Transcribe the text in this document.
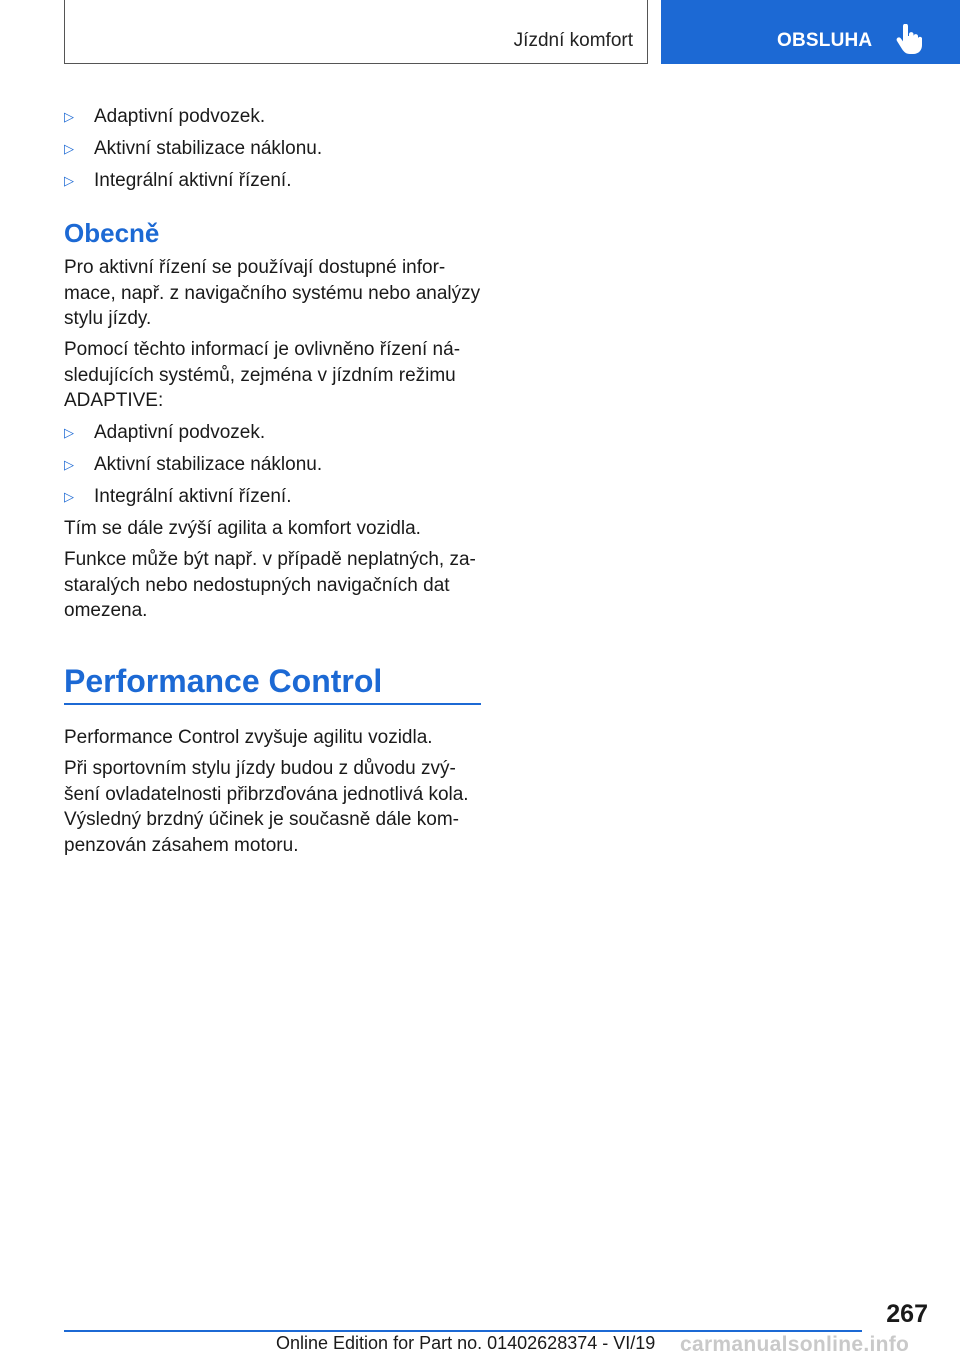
Jízdní komfort	OBSLUHA
▷ Adaptivní podvozek.
▷ Aktivní stabilizace náklonu.
▷ Integrální aktivní řízení.
Obecně
Pro aktivní řízení se používají dostupné infor-
mace, např. z navigačního systému nebo analýzy
stylu jízdy.
Pomocí těchto informací je ovlivněno řízení ná-
sledujících systémů, zejména v jízdním režimu
ADAPTIVE:
▷ Adaptivní podvozek.
▷ Aktivní stabilizace náklonu.
▷ Integrální aktivní řízení.
Tím se dále zvýší agilita a komfort vozidla.
Funkce může být např. v případě neplatných, za-
staralých nebo nedostupných navigačních dat
omezena.
Performance Control
Performance Control zvyšuje agilitu vozidla.
Při sportovním stylu jízdy budou z důvodu zvý-
šení ovladatelnosti přibrzďována jednotlivá kola.
Výsledný brzdný účinek je současně dále kom-
penzován zásahem motoru.
267
Online Edition for Part no. 01402628374 - VI/19 carmanualsonline.info
